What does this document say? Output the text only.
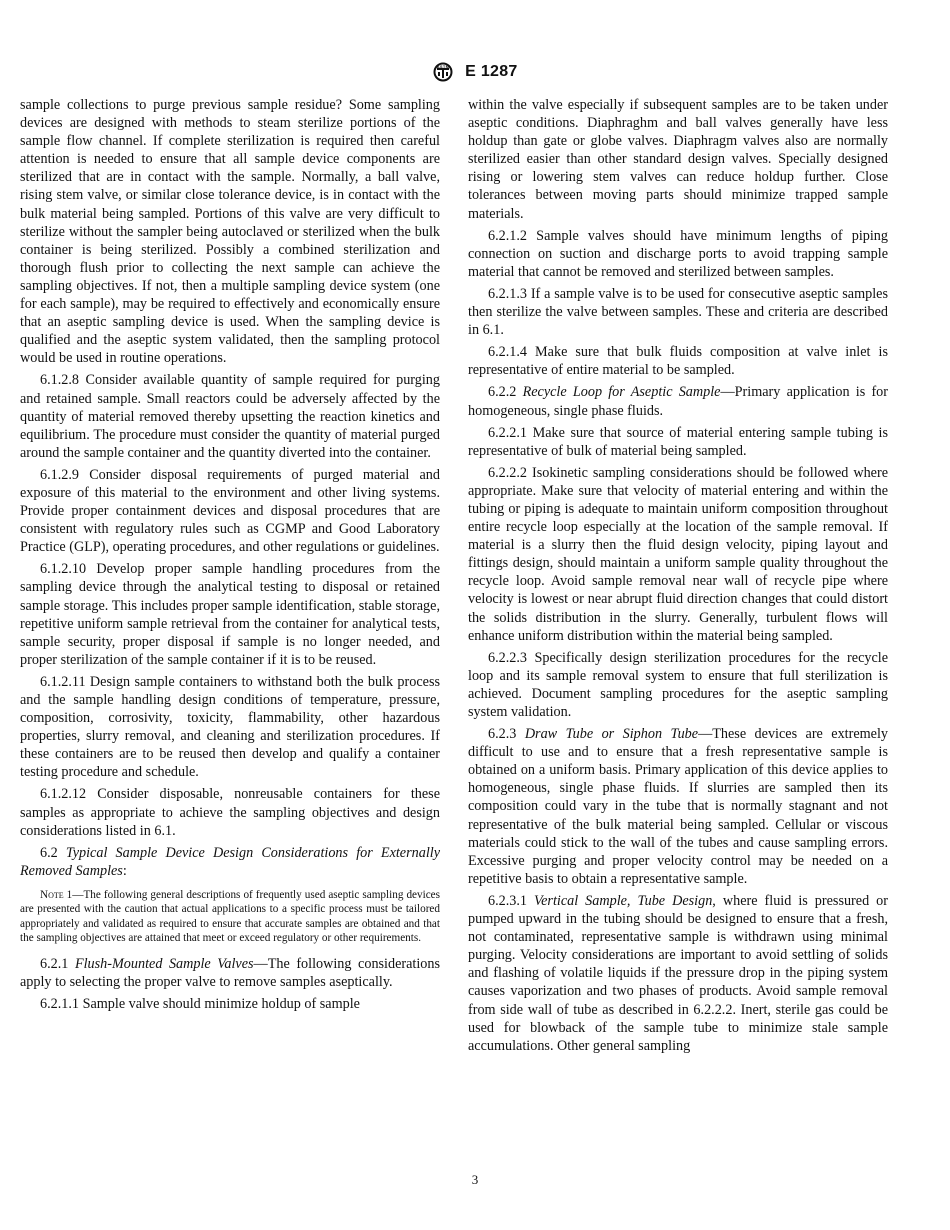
ASTM E 1287

sample collections to purge previous sample residue? Some sampling devices are designed with methods to steam sterilize portions of the sample flow channel. If complete sterilization is required then careful attention is needed to ensure that all sample device components are sterilized that are in contact with the sample. Normally, a ball valve, rising stem valve, or similar close tolerance device, is in contact with the bulk material being sampled. Portions of this valve are very difficult to sterilize without the sampler being autoclaved or sterilized when the bulk container is being sterilized. Possibly a combined sterilization and thorough flush prior to collecting the next sample can achieve the sampling objectives. If not, then a multiple sampling device system (one for each sample), may be required to effectively and economically ensure that an aseptic sampling device is used. When the sampling device is qualified and the aseptic system validated, then the sampling protocol would be used in routine operations.

6.1.2.8 Consider available quantity of sample required for purging and retained sample. Small reactors could be adversely affected by the quantity of material removed thereby upsetting the reaction kinetics and equilibrium. The procedure must consider the quantity of material purged around the sample container and the quantity diverted into the container.

6.1.2.9 Consider disposal requirements of purged material and exposure of this material to the environment and other living systems. Provide proper containment devices and disposal procedures that are consistent with regulatory rules such as CGMP and Good Laboratory Practice (GLP), operating procedures, and other regulations or guidelines.

6.1.2.10 Develop proper sample handling procedures from the sampling device through the analytical testing to disposal or retained sample storage. This includes proper sample identification, stable storage, repetitive uniform sample retrieval from the container for analytical tests, sample security, proper disposal if sample is no longer needed, and proper sterilization of the sample container if it is to be reused.

6.1.2.11 Design sample containers to withstand both the bulk process and the sample handling design conditions of temperature, pressure, composition, corrosivity, toxicity, flammability, other hazardous properties, slurry removal, and cleaning and sterilization procedures. If these containers are to be reused then develop and qualify a container testing procedure and schedule.

6.1.2.12 Consider disposable, nonreusable containers for these samples as appropriate to achieve the sampling objectives and design considerations listed in 6.1.

6.2 Typical Sample Device Design Considerations for Externally Removed Samples:

Note 1—The following general descriptions of frequently used aseptic sampling devices are presented with the caution that actual applications to a specific process must be tailored appropriately and validated as required to ensure that accurate samples are obtained and that the sampling objectives are attained that meet or exceed regulatory or other requirements.

6.2.1 Flush-Mounted Sample Valves—The following considerations apply to selecting the proper valve to remove samples aseptically.

6.2.1.1 Sample valve should minimize holdup of sample

within the valve especially if subsequent samples are to be taken under aseptic conditions. Diaphraghm and ball valves generally have less holdup than gate or globe valves. Diaphragm valves also are normally sterilized easier than other standard design valves. Specially designed rising or lowering stem valves can reduce holdup further. Close tolerances between moving parts should minimize trapped sample materials.

6.2.1.2 Sample valves should have minimum lengths of piping connection on suction and discharge ports to avoid trapping sample material that cannot be removed and sterilized between samples.

6.2.1.3 If a sample valve is to be used for consecutive aseptic samples then sterilize the valve between samples. These and criteria are described in 6.1.

6.2.1.4 Make sure that bulk fluids composition at valve inlet is representative of entire material to be sampled.

6.2.2 Recycle Loop for Aseptic Sample—Primary application is for homogeneous, single phase fluids.

6.2.2.1 Make sure that source of material entering sample tubing is representative of bulk of material being sampled.

6.2.2.2 Isokinetic sampling considerations should be followed where appropriate. Make sure that velocity of material entering and within the tubing or piping is adequate to maintain uniform composition throughout entire recycle loop especially at the location of the sample removal. If material is a slurry then the fluid design velocity, piping layout and fittings design, should maintain a uniform sample quality throughout the recycle loop. Avoid sample removal near wall of recycle pipe where velocity is lowest or near abrupt fluid direction changes that could distort the solids distribution in the slurry. Generally, turbulent flows will enhance uniform distribution within the material being sampled.

6.2.2.3 Specifically design sterilization procedures for the recycle loop and its sample removal system to ensure that full sterilization is achieved. Document sampling procedures for the aseptic sampling system validation.

6.2.3 Draw Tube or Siphon Tube—These devices are extremely difficult to use and to ensure that a fresh representative sample is obtained on a uniform basis. Primary application of this device applies to homogeneous, single phase fluids. If slurries are sampled then its composition could vary in the tube that is normally stagnant and not representative of the bulk material being sampled. Cellular or viscous materials could stick to the wall of the tubes and cause sampling errors. Excessive purging and proper velocity control may be needed on a repetitive basis to obtain a representative sample.

6.2.3.1 Vertical Sample, Tube Design, where fluid is pressured or pumped upward in the tubing should be designed to ensure that a fresh, not contaminated, representative sample is withdrawn using minimal purging. Velocity considerations are important to avoid settling of solids and flashing of volatile liquids if the pressure drop in the piping system causes vaporization and two phases of products. Avoid sample removal from side wall of tube as described in 6.2.2.2. Inert, sterile gas could be used for blowback of the sample tube to minimize stale sample accumulations. Other general sampling

3
